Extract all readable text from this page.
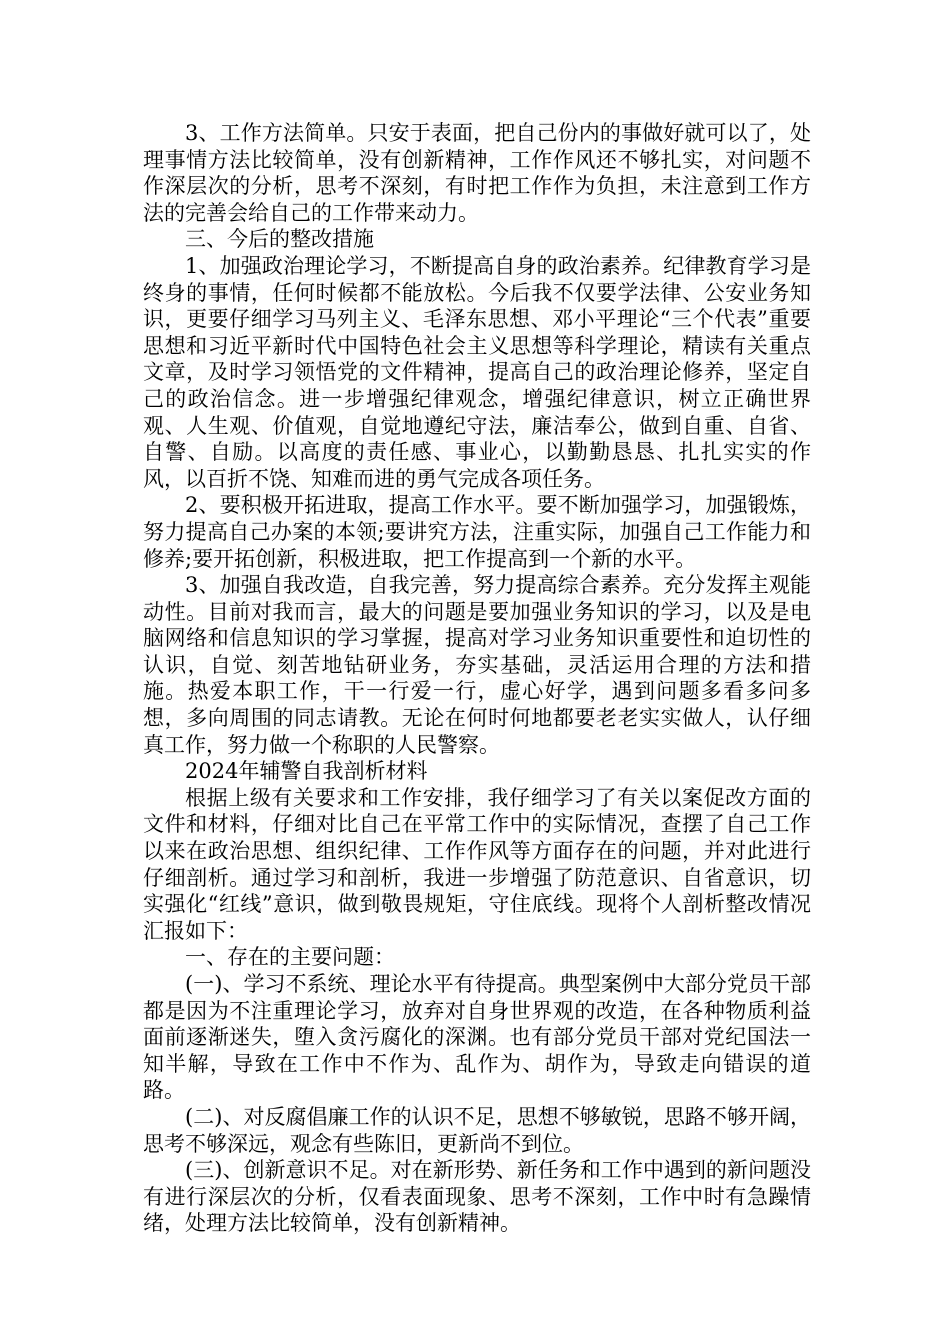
3、工作方法简单。只安于表面，把自己份内的事做好就可以了，处理事情方法比较简单，没有创新精神，工作作风还不够扎实，对问题不作深层次的分析，思考不深刻，有时把工作作为负担，未注意到工作方法的完善会给自己的工作带来动力。

三、今后的整改措施

1、加强政治理论学习，不断提高自身的政治素养。纪律教育学习是终身的事情，任何时候都不能放松。今后我不仅要学法律、公安业务知识，更要仔细学习马列主义、毛泽东思想、邓小平理论“三个代表”重要思想和习近平新时代中国特色社会主义思想等科学理论，精读有关重点文章，及时学习领悟党的文件精神，提高自己的政治理论修养，坚定自己的政治信念。进一步增强纪律观念，增强纪律意识，树立正确世界观、人生观、价值观，自觉地遵纪守法，廉洁奉公，做到自重、自省、自警、自励。以高度的责任感、事业心，以勤勤恳恳、扎扎实实的作风，以百折不饶、知难而进的勇气完成各项任务。

2、要积极开拓进取，提高工作水平。要不断加强学习，加强锻炼，努力提高自己办案的本领;要讲究方法，注重实际，加强自己工作能力和修养;要开拓创新，积极进取，把工作提高到一个新的水平。

3、加强自我改造，自我完善，努力提高综合素养。充分发挥主观能动性。目前对我而言，最大的问题是要加强业务知识的学习，以及是电脑网络和信息知识的学习掌握，提高对学习业务知识重要性和迫切性的认识，自觉、刻苦地钻研业务，夯实基础，灵活运用合理的方法和措施。热爱本职工作，干一行爱一行，虚心好学，遇到问题多看多问多想，多向周围的同志请教。无论在何时何地都要老老实实做人，认仔细真工作，努力做一个称职的人民警察。

2024年辅警自我剖析材料

根据上级有关要求和工作安排，我仔细学习了有关以案促改方面的文件和材料，仔细对比自己在平常工作中的实际情况，查摆了自己工作以来在政治思想、组织纪律、工作作风等方面存在的问题，并对此进行仔细剖析。通过学习和剖析，我进一步增强了防范意识、自省意识，切实强化“红线”意识，做到敬畏规矩，守住底线。现将个人剖析整改情况汇报如下：

一、存在的主要问题：

(一)、学习不系统、理论水平有待提高。典型案例中大部分党员干部都是因为不注重理论学习，放弃对自身世界观的改造，在各种物质利益面前逐渐迷失，堕入贪污腐化的深渊。也有部分党员干部对党纪国法一知半解，导致在工作中不作为、乱作为、胡作为，导致走向错误的道路。

(二)、对反腐倡廉工作的认识不足，思想不够敏锐，思路不够开阔，思考不够深远，观念有些陈旧，更新尚不到位。

(三)、创新意识不足。对在新形势、新任务和工作中遇到的新问题没有进行深层次的分析，仅看表面现象、思考不深刻，工作中时有急躁情绪，处理方法比较简单，没有创新精神。
